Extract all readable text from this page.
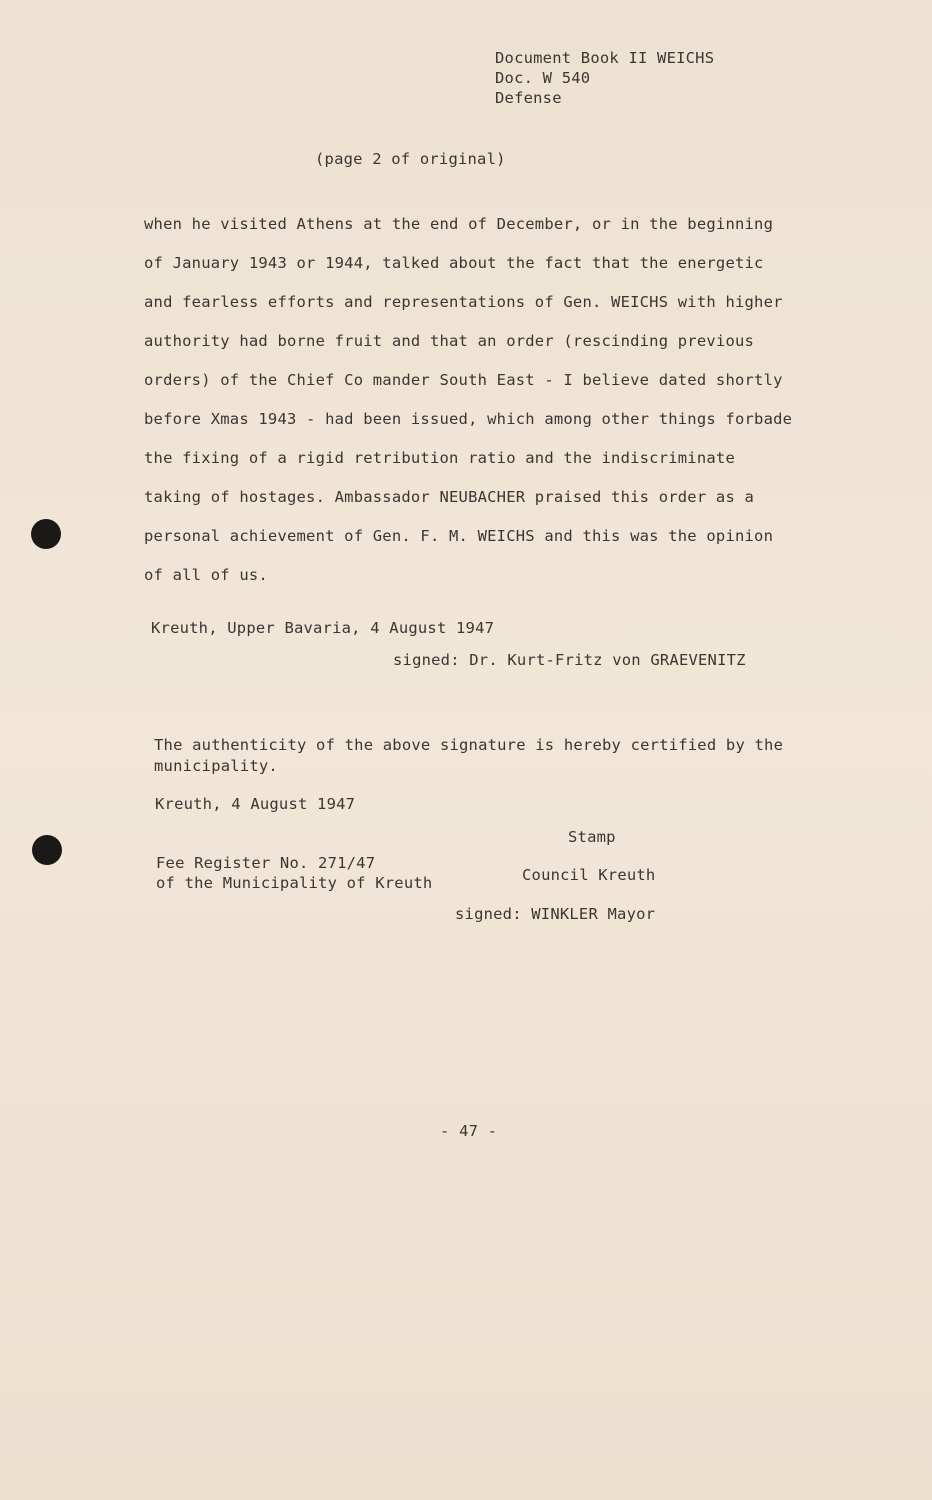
Document Book II WEICHS
Doc. W 540
Defense
(page 2 of original)
when he visited Athens at the end of December, or in the beginning
of January 1943 or 1944, talked about the fact that the energetic
and fearless efforts and representations of Gen. WEICHS with higher
authority had borne fruit and that an order (rescinding previous
orders) of the Chief Co mander South East - I believe dated shortly
before Xmas 1943 - had been issued, which among other things forbade
the fixing of a rigid retribution ratio and the indiscriminate
taking of hostages. Ambassador NEUBACHER praised this order as a
personal achievement of Gen. F. M. WEICHS and this was the opinion
of all of us.
Kreuth, Upper Bavaria, 4 August 1947
signed: Dr. Kurt-Fritz von GRAEVENITZ
The authenticity of the above signature is hereby certified by the
municipality.
Kreuth, 4 August 1947
Stamp
Fee Register No. 271/47
of the Municipality of Kreuth	Council Kreuth
signed: WINKLER Mayor
- 47 -
